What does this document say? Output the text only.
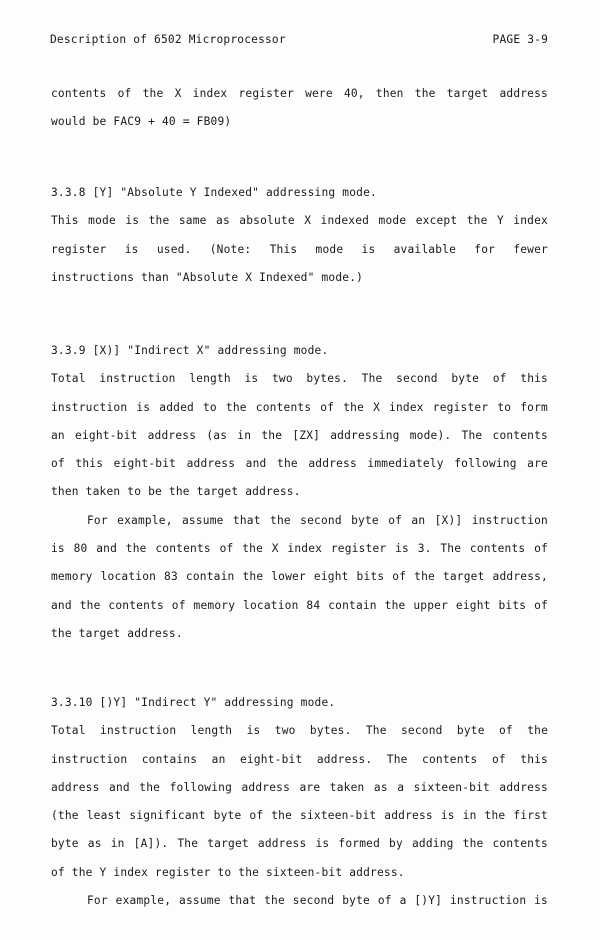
Description of 6502 Microprocessor	PAGE 3-9
contents of the X index register were 40, then the target address
would be FAC9 + 40 = FB09)
3.3.8 [Y] "Absolute Y Indexed" addressing mode.
This mode is the same as absolute X indexed mode except the Y index
register is used. (Note: This mode is available for fewer
instructions than "Absolute X Indexed" mode.)
3.3.9 [X)] "Indirect X" addressing mode.
Total instruction length is two bytes. The second byte of this
instruction is added to the contents of the X index register to form
an eight-bit address (as in the [ZX] addressing mode). The contents
of this eight-bit address and the address immediately following are
then taken to be the target address.
For example, assume that the second byte of an [X)] instruction
is 80 and the contents of the X index register is 3. The contents of
memory location 83 contain the lower eight bits of the target address,
and the contents of memory location 84 contain the upper eight bits of
the target address.
3.3.10 [)Y] "Indirect Y" addressing mode.
Total instruction length is two bytes. The second byte of the
instruction contains an eight-bit address. The contents of this
address and the following address are taken as a sixteen-bit address
(the least significant byte of the sixteen-bit address is in the first
byte as in [A]). The target address is formed by adding the contents
of the Y index register to the sixteen-bit address.
For example, assume that the second byte of a [)Y] instruction is
